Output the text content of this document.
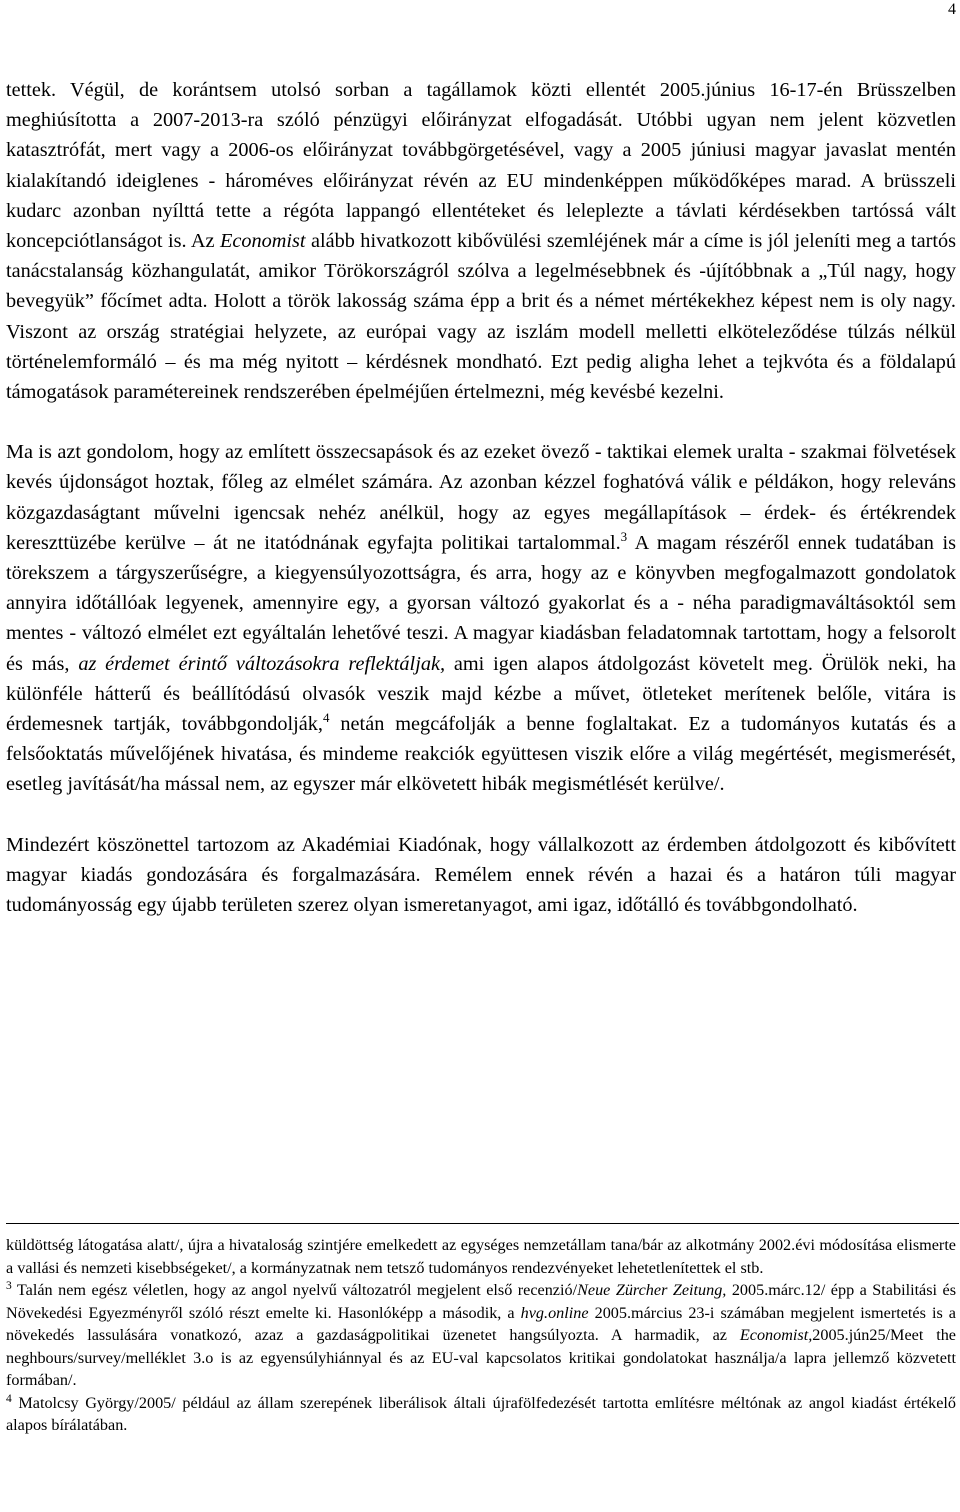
4

tettek. Végül, de korántsem utolsó sorban a tagállamok közti ellentét 2005.június 16-17-én Brüsszelben meghiúsította a 2007-2013-ra szóló pénzügyi előirányzat elfogadását. Utóbbi ugyan nem jelent közvetlen katasztrófát, mert vagy a 2006-os előirányzat továbbgörgetésével, vagy a 2005 júniusi magyar javaslat mentén kialakítandó ideiglenes - hároméves előirányzat révén az EU mindenképpen működőképes marad. A brüsszeli kudarc azonban nyílttá tette a régóta lappangó ellentéteket és leleplezte a távlati kérdésekben tartóssá vált koncepciótlanságot is. Az Economist alább hivatkozott kibővülési szemléjének már a címe is jól jeleníti meg a tartós tanácstalanság közhangulatát, amikor Törökországról szólva a legelmésebbnek és -újítóbbnak a „Túl nagy, hogy bevegyük” főcímet adta. Holott a török lakosság száma épp a brit és a német mértékekhez képest nem is oly nagy. Viszont az ország stratégiai helyzete, az európai vagy az iszlám modell melletti elköteleződése túlzás nélkül történelemformáló – és ma még nyitott – kérdésnek mondható. Ezt pedig aligha lehet a tejkvóta és a földalapú támogatások paramétereinek rendszerében épelméjűen értelmezni, még kevésbé kezelni.

Ma is azt gondolom, hogy az említett összecsapások és az ezeket övező - taktikai elemek uralta - szakmai fölvetések kevés újdonságot hoztak, főleg az elmélet számára. Az azonban kézzel foghatóvá válik e példákon, hogy releváns közgazdaságtant művelni igencsak nehéz anélkül, hogy az egyes megállapítások – érdek- és értékrendek kereszttüzébe kerülve – át ne itatódnának egyfajta politikai tartalommal.$^3$ A magam részéről ennek tudatában is törekszem a tárgyszerűségre, a kiegyensúlyozottságra, és arra, hogy az e könyvben megfogalmazott gondolatok annyira időtállóak legyenek, amennyire egy, a gyorsan változó gyakorlat és a - néha paradigmaváltásoktól sem mentes - változó elmélet ezt egyáltalán lehetővé teszi. A magyar kiadásban feladatomnak tartottam, hogy a felsorolt és más, az érdemet érintő változásokra reflektáljak, ami igen alapos átdolgozást követelt meg. Örülök neki, ha különféle hátterű és beállítódású olvasók veszik majd kézbe a művet, ötleteket merítenek belőle, vitára is érdemesnek tartják, továbbgondolják,$^4$ netán megcáfolják a benne foglaltakat. Ez a tudományos kutatás és a felsőoktatás művelőjének hivatása, és mindeme reakciók együttesen viszik előre a világ megértését, megismerését, esetleg javítását/ha mással nem, az egyszer már elkövetett hibák megismétlését kerülve/.

Mindezért köszönettel tartozom az Akadémiai Kiadónak, hogy vállalkozott az érdemben átdolgozott és kibővített magyar kiadás gondozására és forgalmazására. Remélem ennek révén a hazai és a határon túli magyar tudományosság egy újabb területen szerez olyan ismeretanyagot, ami igaz, időtálló és továbbgondolható.

küldöttség látogatása alatt/, újra a hivataloság szintjére emelkedett az egységes nemzetállam tana/bár az alkotmány 2002.évi módosítása elismerte a vallási és nemzeti kisebbségeket/, a kormányzatnak nem tetsző tudományos rendezvényeket lehetetlenítettek el stb.

$^3$ Talán nem egész véletlen, hogy az angol nyelvű változatról megjelent első recenzió/Neue Zürcher Zeitung, 2005.márc.12/ épp a Stabilitási és Növekedési Egyezményről szóló részt emelte ki. Hasonlóképp a második, a hvg.online 2005.március 23-i számában megjelent ismertetés is a növekedés lassulására vonatkozó, azaz a gazdaságpolitikai üzenetet hangsúlyozta. A harmadik, az Economist,2005.jún25/Meet the neghbours/survey/melléklet 3.o is az egyensúlyhiánnyal és az EU-val kapcsolatos kritikai gondolatokat használja/a lapra jellemző közvetett formában/.

$^4$ Matolcsy György/2005/ például az állam szerepének liberálisok általi újrafölfedezését tartotta említésre méltónak az angol kiadást értékelő alapos bírálatában.
